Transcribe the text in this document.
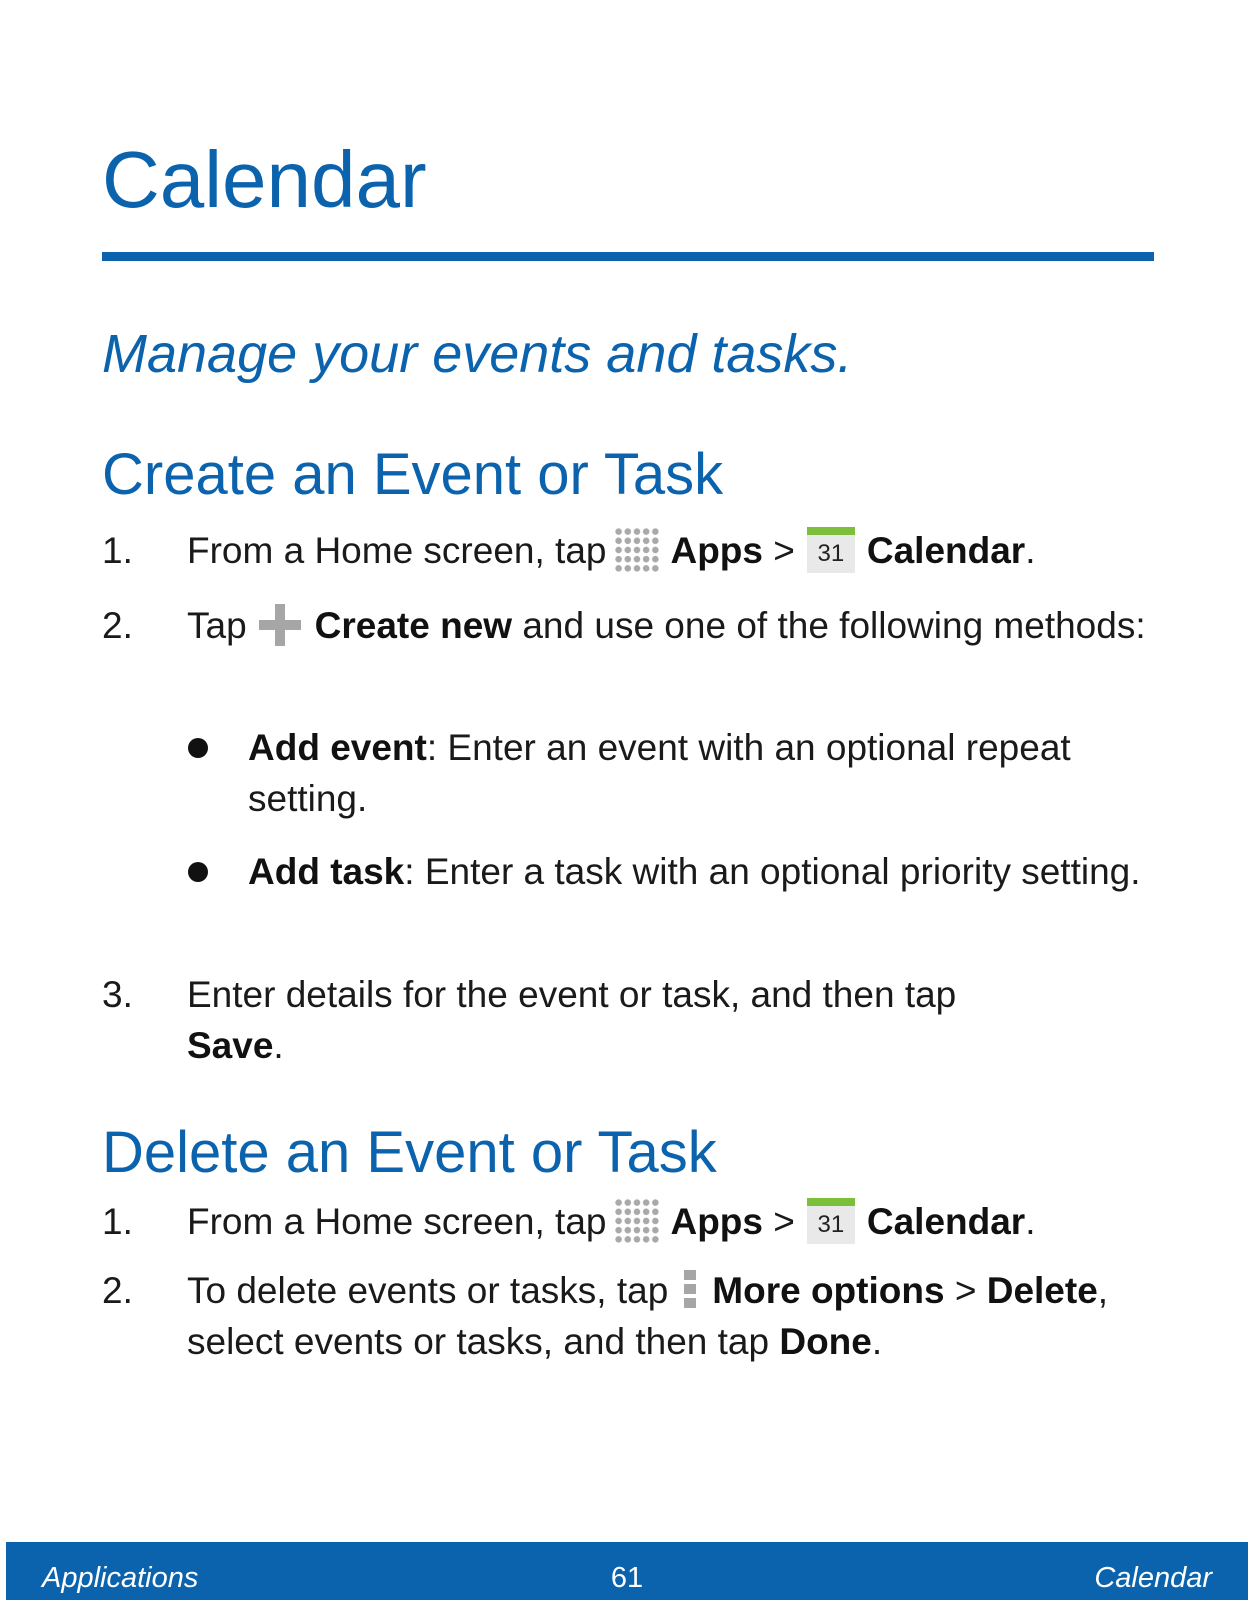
Calendar
Manage your events and tasks.
Create an Event or Task
1. From a Home screen, tap Apps > 31 Calendar.
2. Tap Create new and use one of the following methods:
Add event: Enter an event with an optional repeat setting.
Add task: Enter a task with an optional priority setting.
3. Enter details for the event or task, and then tap Save.
Delete an Event or Task
1. From a Home screen, tap Apps > 31 Calendar.
2. To delete events or tasks, tap More options > Delete, select events or tasks, and then tap Done.
Applications	61	Calendar
